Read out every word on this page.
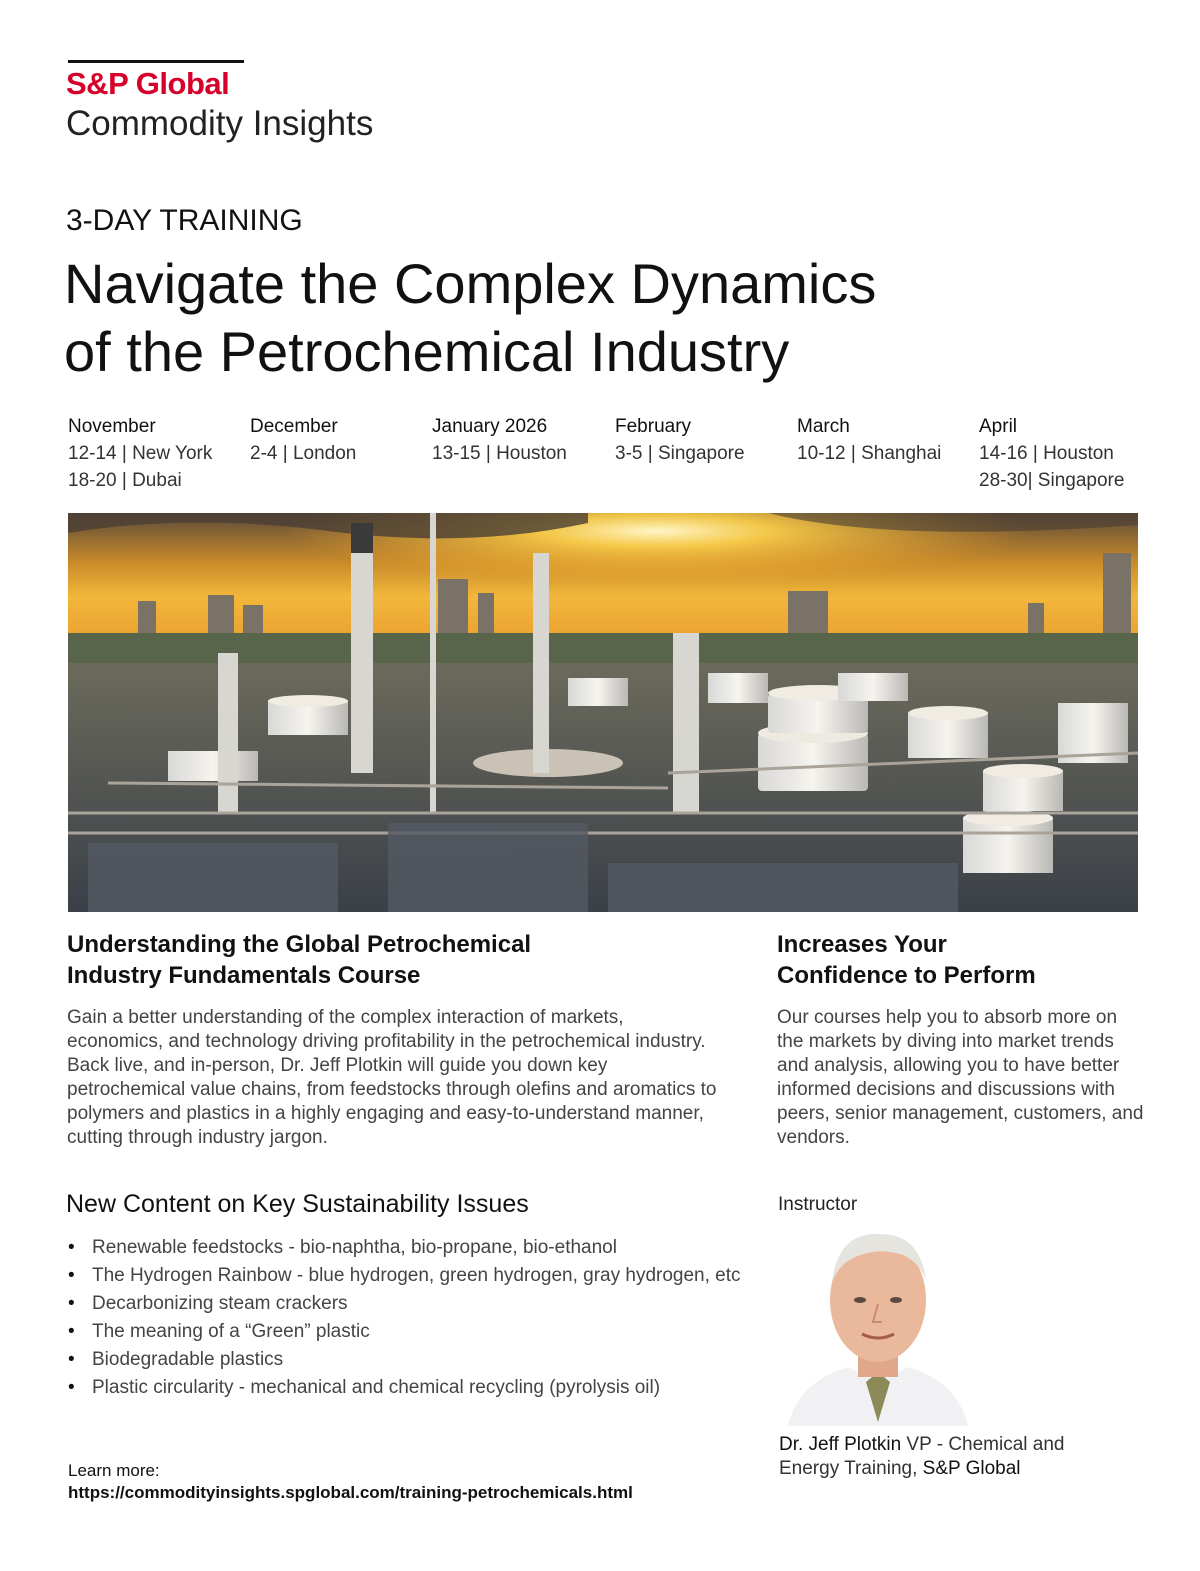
S&P Global
Commodity Insights
3-DAY TRAINING
Navigate the Complex Dynamics
of the Petrochemical Industry
November
12-14 | New York
18-20 | Dubai
December
2-4 | London
January 2026
13-15 | Houston
February
3-5 | Singapore
March
10-12 | Shanghai
April
14-16 | Houston
28-30| Singapore
Understanding the Global Petrochemical
Industry Fundamentals Course
Gain a better understanding of the complex interaction of markets, economics, and technology driving profitability in the petrochemical industry. Back live, and in-person, Dr. Jeff Plotkin will guide you down key petrochemical value chains, from feedstocks through olefins and aromatics to polymers and plastics in a highly engaging and easy-to-understand manner, cutting through industry jargon.
Increases Your
Confidence to Perform
Our courses help you to absorb more on the markets by diving into market trends and analysis, allowing you to have better informed decisions and discussions with peers, senior management, customers, and vendors.
New Content on Key Sustainability Issues
• Renewable feedstocks - bio-naphtha, bio-propane, bio-ethanol
• The Hydrogen Rainbow - blue hydrogen, green hydrogen, gray hydrogen, etc
• Decarbonizing steam crackers
• The meaning of a “Green” plastic
• Biodegradable plastics
• Plastic circularity - mechanical and chemical recycling (pyrolysis oil)
Learn more:
https://commodityinsights.spglobal.com/training-petrochemicals.html
Instructor
Dr. Jeff Plotkin VP - Chemical and Energy Training, S&P Global
